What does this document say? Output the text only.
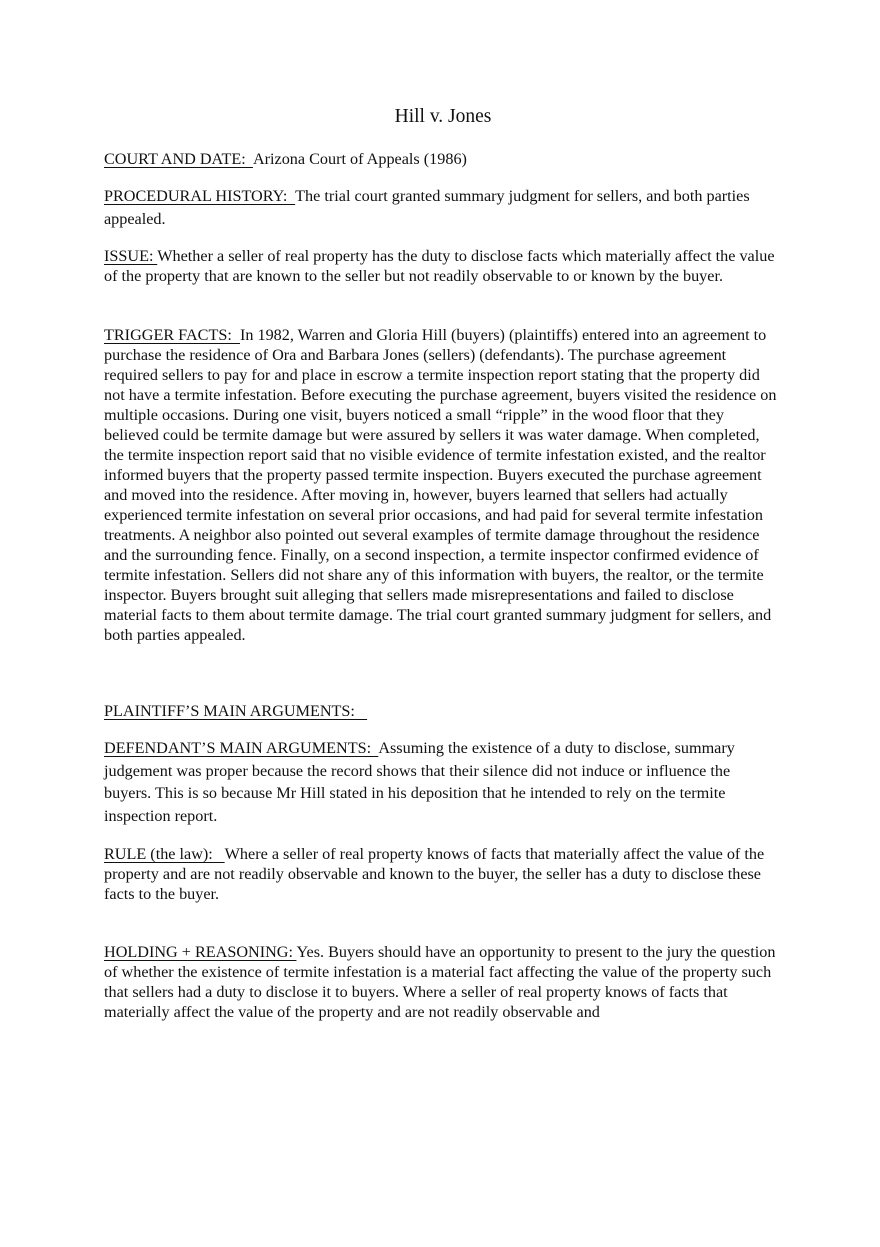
Hill v. Jones

COURT AND DATE:  Arizona Court of Appeals (1986)

PROCEDURAL HISTORY:  The trial court granted summary judgment for sellers, and both parties appealed.

ISSUE: Whether a seller of real property has the duty to disclose facts which materially affect the value of the property that are known to the seller but not readily observable to or known by the buyer.

TRIGGER FACTS:  In 1982, Warren and Gloria Hill (buyers) (plaintiffs) entered into an agreement to purchase the residence of Ora and Barbara Jones (sellers) (defendants). The purchase agreement required sellers to pay for and place in escrow a termite inspection report stating that the property did not have a termite infestation. Before executing the purchase agreement, buyers visited the residence on multiple occasions. During one visit, buyers noticed a small “ripple” in the wood floor that they believed could be termite damage but were assured by sellers it was water damage. When completed, the termite inspection report said that no visible evidence of termite infestation existed, and the realtor informed buyers that the property passed termite inspection. Buyers executed the purchase agreement and moved into the residence. After moving in, however, buyers learned that sellers had actually experienced termite infestation on several prior occasions, and had paid for several termite infestation treatments. A neighbor also pointed out several examples of termite damage throughout the residence and the surrounding fence. Finally, on a second inspection, a termite inspector confirmed evidence of termite infestation. Sellers did not share any of this information with buyers, the realtor, or the termite inspector. Buyers brought suit alleging that sellers made misrepresentations and failed to disclose material facts to them about termite damage. The trial court granted summary judgment for sellers, and both parties appealed.

PLAINTIFF’S MAIN ARGUMENTS:

DEFENDANT’S MAIN ARGUMENTS:  Assuming the existence of a duty to disclose, summary judgement was proper because the record shows that their silence did not induce or influence the buyers. This is so because Mr Hill stated in his deposition that he intended to rely on the termite inspection report.

RULE (the law):   Where a seller of real property knows of facts that materially affect the value of the property and are not readily observable and known to the buyer, the seller has a duty to disclose these facts to the buyer.

HOLDING + REASONING: Yes. Buyers should have an opportunity to present to the jury the question of whether the existence of termite infestation is a material fact affecting the value of the property such that sellers had a duty to disclose it to buyers. Where a seller of real property knows of facts that materially affect the value of the property and are not readily observable and
